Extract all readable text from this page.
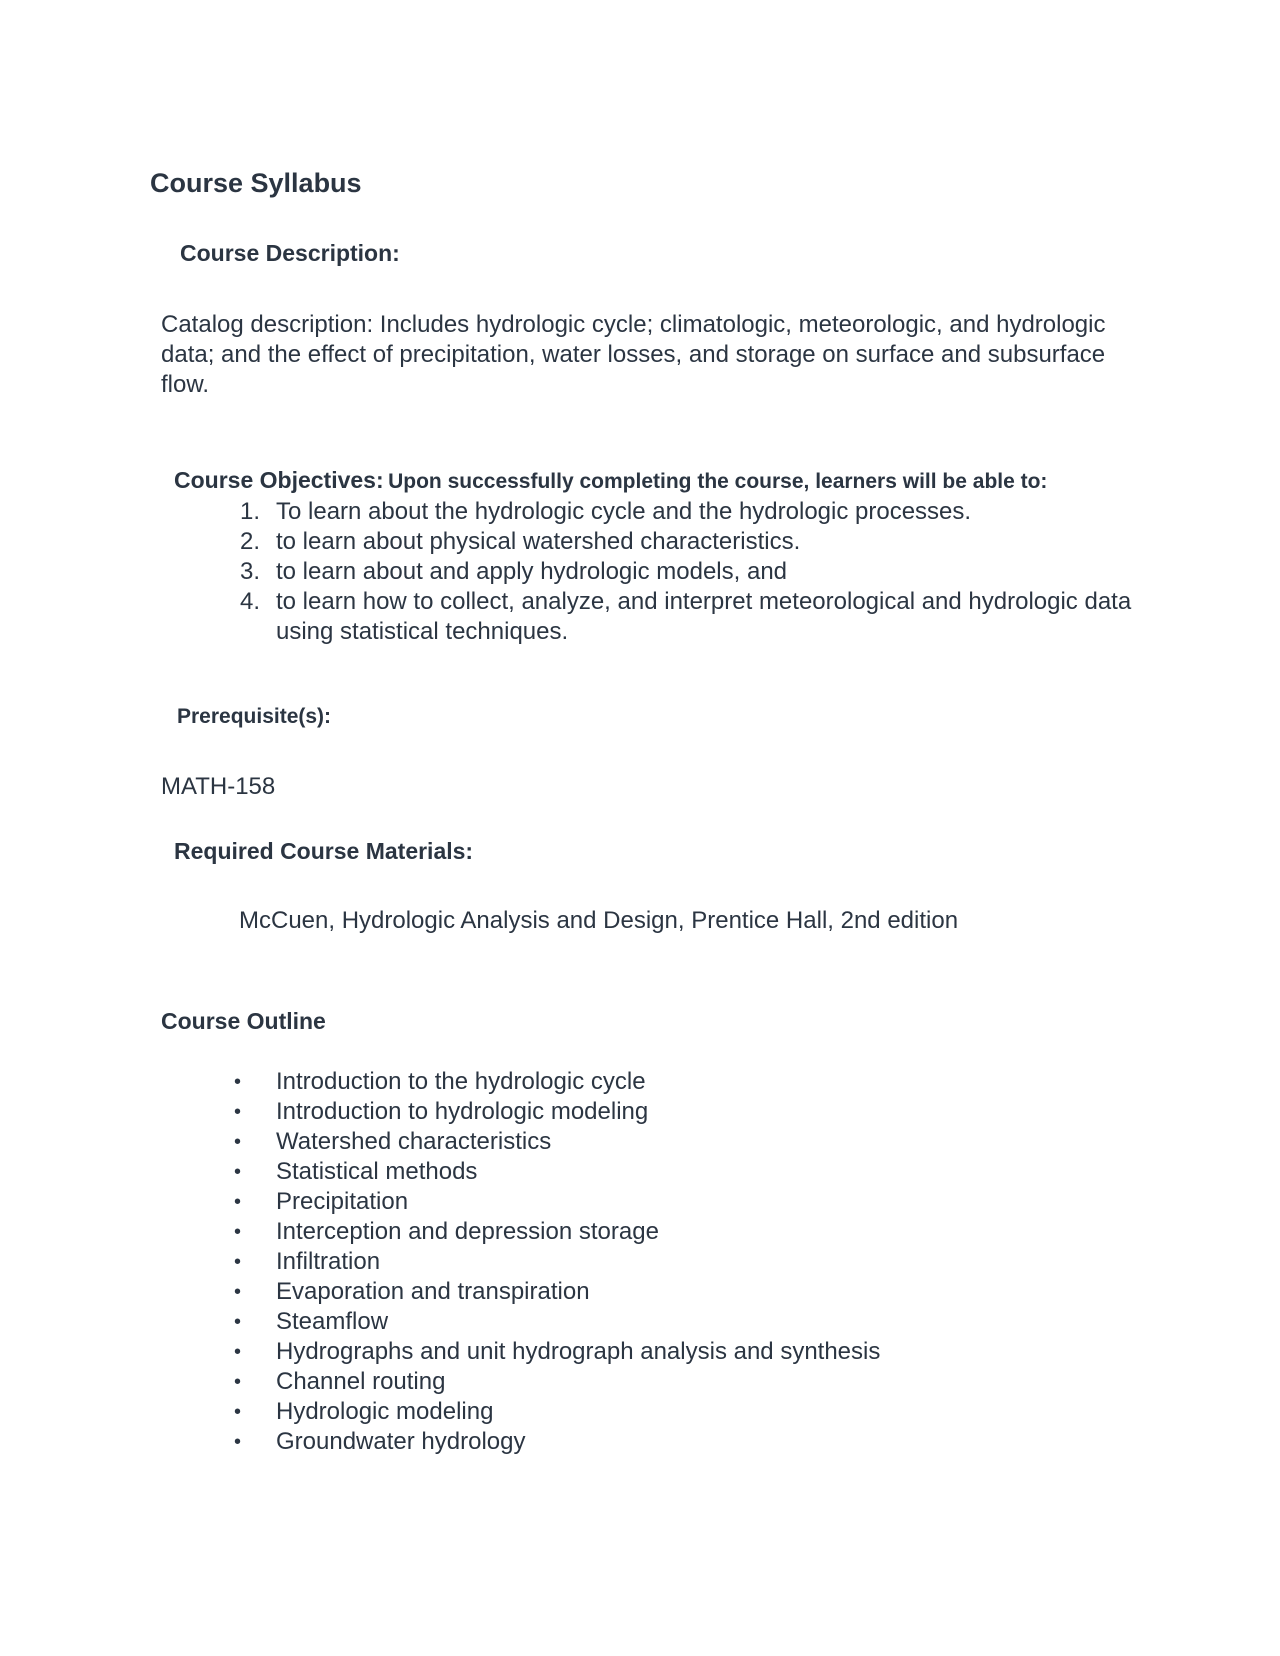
Course Syllabus
Course Description:
Catalog description: Includes hydrologic cycle; climatologic, meteorologic, and hydrologic data; and the effect of precipitation, water losses, and storage on surface and subsurface flow.
Course Objectives: Upon successfully completing the course, learners will be able to:
1. To learn about the hydrologic cycle and the hydrologic processes.
2. to learn about physical watershed characteristics.
3. to learn about and apply hydrologic models, and
4. to learn how to collect, analyze, and interpret meteorological and hydrologic data using statistical techniques.
Prerequisite(s):
MATH-158
Required Course Materials:
McCuen, Hydrologic Analysis and Design, Prentice Hall, 2nd edition
Course Outline
• Introduction to the hydrologic cycle
• Introduction to hydrologic modeling
• Watershed characteristics
• Statistical methods
• Precipitation
• Interception and depression storage
• Infiltration
• Evaporation and transpiration
• Steamflow
• Hydrographs and unit hydrograph analysis and synthesis
• Channel routing
• Hydrologic modeling
• Groundwater hydrology
